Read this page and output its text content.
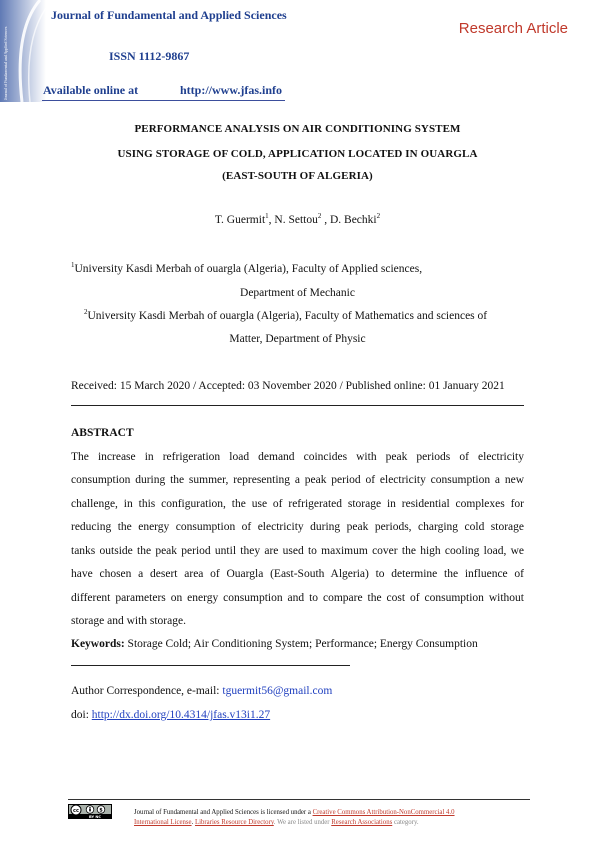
Journal of Fundamental and Applied Sciences
Journal of Fundamental and Applied Sciences
ISSN 1112-9867
Available online at	http://www.jfas.info
Research Article
PERFORMANCE ANALYSIS ON AIR CONDITIONING SYSTEM
USING STORAGE OF COLD, APPLICATION LOCATED IN OUARGLA
(EAST-SOUTH OF ALGERIA)
T. Guermit$^1$, N. Settou$^2$ , D. Bechki$^2$
$^1$University Kasdi Merbah of ouargla (Algeria), Faculty of Applied sciences,
Department of Mechanic
$^2$University Kasdi Merbah of ouargla (Algeria), Faculty of Mathematics and sciences of
Matter, Department of Physic
Received: 15 March 2020 / Accepted: 03 November 2020 / Published online: 01 January 2021
ABSTRACT
The increase in refrigeration load demand coincides with peak periods of electricity
consumption during the summer, representing a peak period of electricity consumption a new
challenge, in this configuration, the use of refrigerated storage in residential complexes for
reducing the energy consumption of electricity during peak periods, charging cold storage
tanks outside the peak period until they are used to maximum cover the high cooling load, we
have chosen a desert area of Ouargla (East-South Algeria) to determine the influence of
different parameters on energy consumption and to compare the cost of consumption without
storage and with storage.
Keywords: Storage Cold; Air Conditioning System; Performance; Energy Consumption
Author Correspondence, e-mail: tguermit56@gmail.com
doi: http://dx.doi.org/10.4314/jfas.v13i1.27
cc	$
BY NC
Journal of Fundamental and Applied Sciences is licensed under a Creative Commons Attribution-NonCommercial 4.0
International License. Libraries Resource Directory. We are listed under Research Associations category.
